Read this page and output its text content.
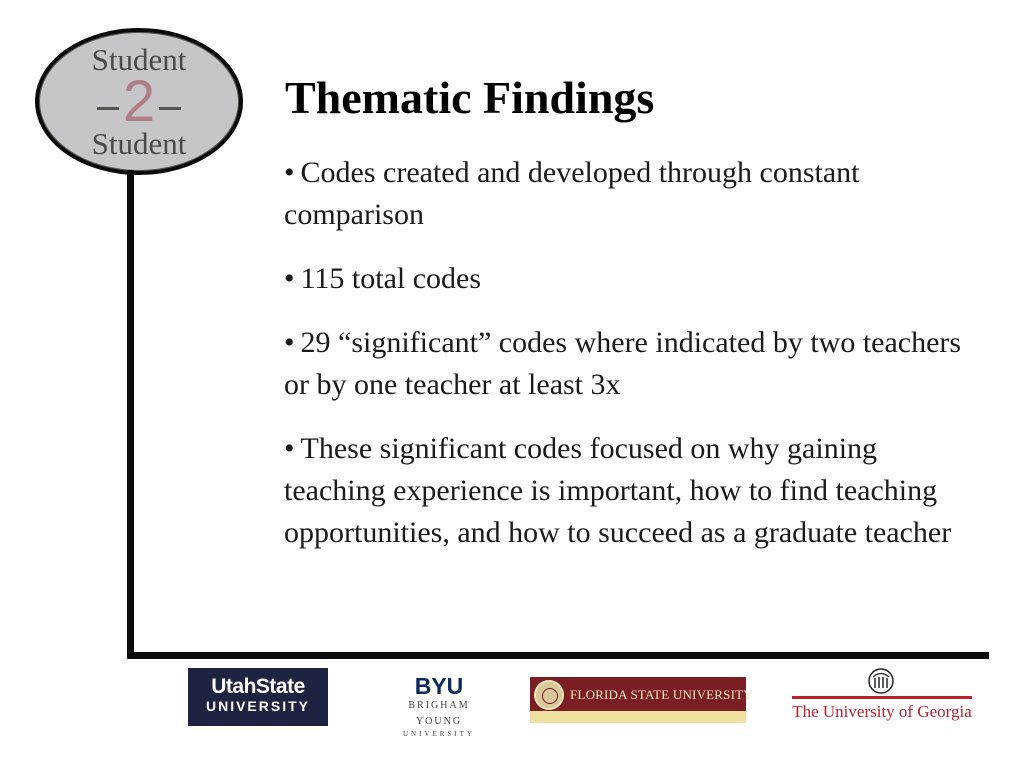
Student
2
Student
Thematic Findings
• Codes created and developed through constant comparison
• 115 total codes
• 29 “significant” codes where indicated by two teachers or by one teacher at least 3x
• These significant codes focused on why gaining teaching experience is important, how to find teaching opportunities, and how to succeed as a graduate teacher
UtahState
UNIVERSITY
BYU
BRIGHAM YOUNG
UNIVERSITY
FLORIDA STATE UNIVERSITY
The University of Georgia
